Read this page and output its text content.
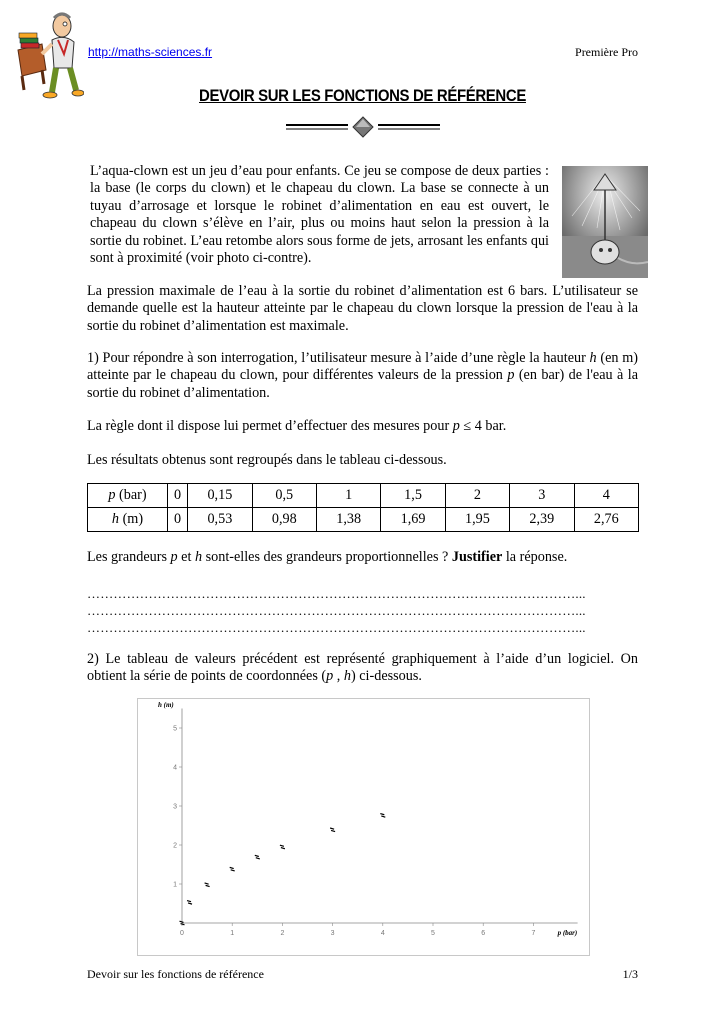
http://maths-sciences.fr	Première Pro
DEVOIR SUR LES FONCTIONS DE RÉFÉRENCE

L’aqua-clown est un jeu d’eau pour enfants. Ce jeu se compose de deux parties : la base (le corps du clown) et le chapeau du clown. La base se connecte à un tuyau d’arrosage et lorsque le robinet d’alimentation en eau est ouvert, le chapeau du clown s’élève en l’air, plus ou moins haut selon la pression à la sortie du robinet. L’eau retombe alors sous forme de jets, arrosant les enfants qui sont à proximité (voir photo ci-contre).

La pression maximale de l’eau à la sortie du robinet d’alimentation est 6 bars. L’utilisateur se demande quelle est la hauteur atteinte par le chapeau du clown lorsque la pression de l'eau à la sortie du robinet d’alimentation est maximale.

1) Pour répondre à son interrogation, l’utilisateur mesure à l’aide d’une règle la hauteur h (en m) atteinte par le chapeau du clown, pour différentes valeurs de la pression p (en bar) de l'eau à la sortie du robinet d’alimentation.

La règle dont il dispose lui permet d’effectuer des mesures pour p ≤ 4 bar.

Les résultats obtenus sont regroupés dans le tableau ci-dessous.

p (bar)	0	0,15	0,5	1	1,5	2	3	4
h (m)	0	0,53	0,98	1,38	1,69	1,95	2,39	2,76

Les grandeurs p et h sont-elles des grandeurs proportionnelles ? Justifier la réponse.

…………………………………………………………………………………………………...
…………………………………………………………………………………………………...
…………………………………………………………………………………………………...

2) Le tableau de valeurs précédent est représenté graphiquement à l’aide d’un logiciel. On obtient la série de points de coordonnées (p , h) ci-dessous.

0	1	2	3	4	5	6	7
1
2
3
4
5
h (m)
p (bar)
Devoir sur les fonctions de référence	1/3
